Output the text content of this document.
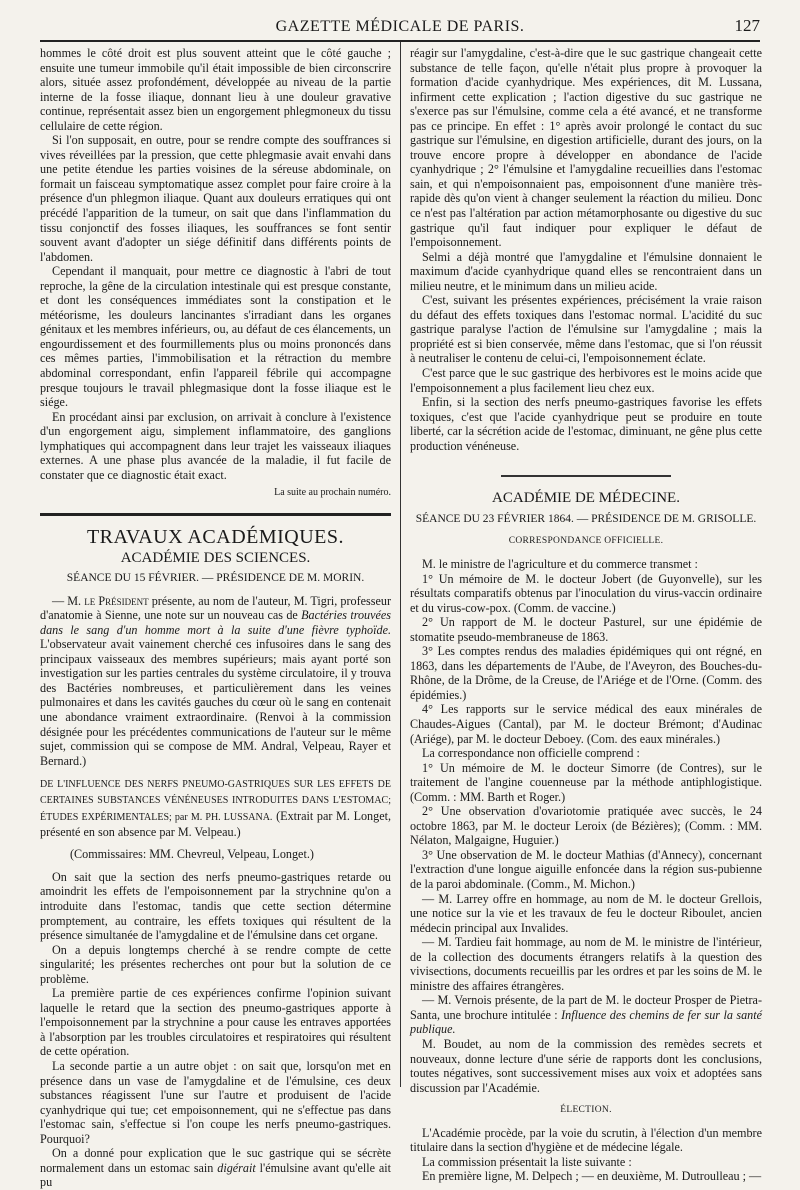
GAZETTE MÉDICALE DE PARIS.	127

hommes le côté droit est plus souvent atteint que le côté gauche ; ensuite une tumeur immobile qu'il était impossible de bien circonscrire alors, située assez profondément, développée au niveau de la partie interne de la fosse iliaque, donnant lieu à une douleur gravative continue, représentait assez bien un engorgement phlegmoneux du tissu cellulaire de cette région.

Si l'on supposait, en outre, pour se rendre compte des souffrances si vives réveillées par la pression, que cette phlegmasie avait envahi dans une petite étendue les parties voisines de la séreuse abdominale, on formait un faisceau symptomatique assez complet pour faire croire à la présence d'un phlegmon iliaque. Quant aux douleurs erratiques qui ont précédé l'apparition de la tumeur, on sait que dans l'inflammation du tissu conjonctif des fosses iliaques, les souffrances se font sentir souvent avant d'adopter un siége définitif dans différents points de l'abdomen.

Cependant il manquait, pour mettre ce diagnostic à l'abri de tout reproche, la gêne de la circulation intestinale qui est presque constante, et dont les conséquences immédiates sont la constipation et le météorisme, les douleurs lancinantes s'irradiant dans les organes génitaux et les membres inférieurs, ou, au défaut de ces élancements, un engourdissement et des fourmillements plus ou moins prononcés dans ces mêmes parties, l'immobilisation et la rétraction du membre abdominal correspondant, enfin l'appareil fébrile qui accompagne presque toujours le travail phlegmasique dont la fosse iliaque est le siége.

En procédant ainsi par exclusion, on arrivait à conclure à l'existence d'un engorgement aigu, simplement inflammatoire, des ganglions lymphatiques qui accompagnent dans leur trajet les vaisseaux iliaques externes. A une phase plus avancée de la maladie, il fut facile de constater que ce diagnostic était exact.

La suite au prochain numéro.
TRAVAUX ACADÉMIQUES.
ACADÉMIE DES SCIENCES.
SÉANCE DU 15 FÉVRIER. — PRÉSIDENCE DE M. MORIN.

— M. le Président présente, au nom de l'auteur, M. Tigri, professeur d'anatomie à Sienne, une note sur un nouveau cas de Bactéries trouvées dans le sang d'un homme mort à la suite d'une fièvre typhoïde. L'observateur avait vainement cherché ces infusoires dans le sang des principaux vaisseaux des membres supérieurs; mais ayant porté son investigation sur les parties centrales du système circulatoire, il y trouva des Bactéries nombreuses, et particulièrement dans les veines pulmonaires et dans les cavités gauches du cœur où le sang en contenait une abondance vraiment extraordinaire. (Renvoi à la commission désignée pour les précédentes communications de l'auteur sur le même sujet, commission qui se compose de MM. Andral, Velpeau, Rayer et Bernard.)

DE L'INFLUENCE DES NERFS PNEUMO-GASTRIQUES SUR LES EFFETS DE CERTAINES SUBSTANCES VÉNÉNEUSES INTRODUITES DANS L'ESTOMAC; ÉTUDES EXPÉRIMENTALES; par M. PH. LUSSANA. (Extrait par M. Longet, présenté en son absence par M. Velpeau.)

(Commissaires: MM. Chevreul, Velpeau, Longet.)

On sait que la section des nerfs pneumo-gastriques retarde ou amoindrit les effets de l'empoisonnement par la strychnine qu'on a introduite dans l'estomac, tandis que cette section détermine promptement, au contraire, les effets toxiques qui résultent de la présence simultanée de l'amygdaline et de l'émulsine dans cet organe.

On a depuis longtemps cherché à se rendre compte de cette singularité; les présentes recherches ont pour but la solution de ce problème.

La première partie de ces expériences confirme l'opinion suivant laquelle le retard que la section des pneumo-gastriques apporte à l'empoisonnement par la strychnine a pour cause les entraves apportées à l'absorption par les troubles circulatoires et respiratoires qui résultent de cette opération.

La seconde partie a un autre objet : on sait que, lorsqu'on met en présence dans un vase de l'amygdaline et de l'émulsine, ces deux substances réagissent l'une sur l'autre et produisent de l'acide cyanhydrique qui tue; cet empoisonnement, qui ne s'effectue pas dans l'estomac sain, s'effectue si l'on coupe les nerfs pneumo-gastriques. Pourquoi?

On a donné pour explication que le suc gastrique qui se sécrète normalement dans un estomac sain digérait l'émulsine avant qu'elle ait pu

réagir sur l'amygdaline, c'est-à-dire que le suc gastrique changeait cette substance de telle façon, qu'elle n'était plus propre à provoquer la formation d'acide cyanhydrique. Mes expériences, dit M. Lussana, infirment cette explication ; l'action digestive du suc gastrique ne s'exerce pas sur l'émulsine, comme cela a été avancé, et ne transforme pas ce principe. En effet : 1° après avoir prolongé le contact du suc gastrique sur l'émulsine, en digestion artificielle, durant des jours, on la trouve encore propre à développer en abondance de l'acide cyanhydrique ; 2° l'émulsine et l'amygdaline recueillies dans l'estomac sain, et qui n'empoisonnaient pas, empoisonnent d'une manière très-rapide dès qu'on vient à changer seulement la réaction du milieu. Donc ce n'est pas l'altération par action métamorphosante ou digestive du suc gastrique qu'il faut indiquer pour expliquer le défaut de l'empoisonnement.

Selmi a déjà montré que l'amygdaline et l'émulsine donnaient le maximum d'acide cyanhydrique quand elles se rencontraient dans un milieu neutre, et le minimum dans un milieu acide.

C'est, suivant les présentes expériences, précisément la vraie raison du défaut des effets toxiques dans l'estomac normal. L'acidité du suc gastrique paralyse l'action de l'émulsine sur l'amygdaline ; mais la propriété est si bien conservée, même dans l'estomac, que si l'on réussit à neutraliser le contenu de celui-ci, l'empoisonnement éclate.

C'est parce que le suc gastrique des herbivores est le moins acide que l'empoisonnement a plus facilement lieu chez eux.

Enfin, si la section des nerfs pneumo-gastriques favorise les effets toxiques, c'est que l'acide cyanhydrique peut se produire en toute liberté, car la sécrétion acide de l'estomac, diminuant, ne gêne plus cette production vénéneuse.

ACADÉMIE DE MÉDECINE.
SÉANCE DU 23 FÉVRIER 1864. — PRÉSIDENCE DE M. GRISOLLE.
CORRESPONDANCE OFFICIELLE.

M. le ministre de l'agriculture et du commerce transmet :

1° Un mémoire de M. le docteur Jobert (de Guyonvelle), sur les résultats comparatifs obtenus par l'inoculation du virus-vaccin ordinaire et du virus-cow-pox. (Comm. de vaccine.)

2° Un rapport de M. le docteur Pasturel, sur une épidémie de stomatite pseudo-membraneuse de 1863.

3° Les comptes rendus des maladies épidémiques qui ont régné, en 1863, dans les départements de l'Aube, de l'Aveyron, des Bouches-du-Rhône, de la Drôme, de la Creuse, de l'Ariége et de l'Orne. (Comm. des épidémies.)

4° Les rapports sur le service médical des eaux minérales de Chaudes-Aigues (Cantal), par M. le docteur Brémont; d'Audinac (Ariége), par M. le docteur Deboey. (Com. des eaux minérales.)

La correspondance non officielle comprend :

1° Un mémoire de M. le docteur Simorre (de Contres), sur le traitement de l'angine couenneuse par la méthode antiphlogistique. (Comm. : MM. Barth et Roger.)

2° Une observation d'ovariotomie pratiquée avec succès, le 24 octobre 1863, par M. le docteur Leroix (de Bézières); (Comm. : MM. Nélaton, Malgaigne, Huguier.)

3° Une observation de M. le docteur Mathias (d'Annecy), concernant l'extraction d'une longue aiguille enfoncée dans la région sus-pubienne de la paroi abdominale. (Comm., M. Michon.)

— M. Larrey offre en hommage, au nom de M. le docteur Grellois, une notice sur la vie et les travaux de feu le docteur Riboulet, ancien médecin principal aux Invalides.

— M. Tardieu fait hommage, au nom de M. le ministre de l'intérieur, de la collection des documents étrangers relatifs à la question des vivisections, documents recueillis par les ordres et par les soins de M. le ministre des affaires étrangères.

— M. Vernois présente, de la part de M. le docteur Prosper de Pietra-Santa, une brochure intitulée : Influence des chemins de fer sur la santé publique.

M. Boudet, au nom de la commission des remèdes secrets et nouveaux, donne lecture d'une série de rapports dont les conclusions, toutes négatives, sont successivement mises aux voix et adoptées sans discussion par l'Académie.

ÉLECTION.

L'Académie procède, par la voie du scrutin, à l'élection d'un membre titulaire dans la section d'hygiène et de médecine légale.

La commission présentait la liste suivante :

En première ligne, M. Delpech ; — en deuxième, M. Dutroulleau ; —
